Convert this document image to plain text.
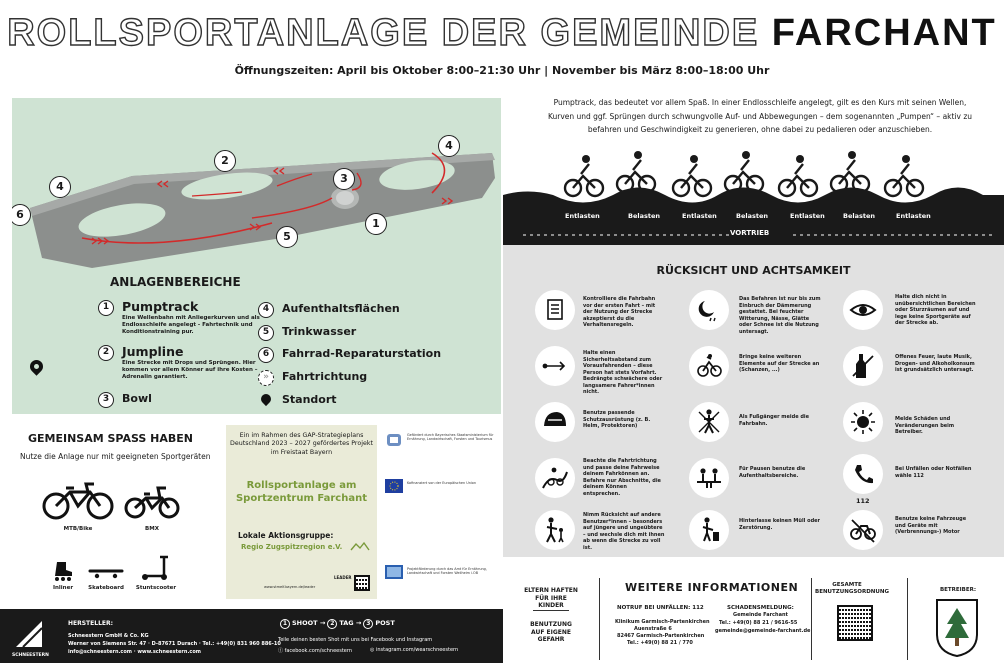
ROLLSPORTANLAGE DER GEMEINDE FARCHANT
Öffnungszeiten: April bis Oktober 8:00–21:30 Uhr | November bis März 8:00–18:00 Uhr
4
2
3
4
1
5
6
ANLAGENBEREICHE
1	Pumptrack
Eine Wellenbahn mit Anliegerkurven und als Endlosschleife angelegt - Fahrtechnik und Konditionstraining pur.
2	Jumpline
Eine Strecke mit Drops und Sprüngen. Hier kommen vor allem Könner auf ihre Kosten – Adrenalin garantiert.
3	Bowl
4	Aufenthaltsflächen
5	Trinkwasser
6	Fahrrad-Reparaturstation
»	Fahrtrichtung
Standort
GEMEINSAM SPASS HABEN
Nutze die Anlage nur mit geeigneten Sportgeräten
MTB/Bike	BMX
Inliner	Skateboard	Stuntscooter
Ein im Rahmen des GAP-Strategieplans Deutschland 2023 – 2027 gefördertes Projekt im Freistaat Bayern
Rollsportanlage am Sportzentrum Farchant
Lokale Aktionsgruppe:
Regio Zugspitzregion e.V.
www.stmelf.bayern.de/leader
LEADER
Gefördert durch Bayerisches Staatsministerium für Ernährung, Landwirtschaft, Forsten und Tourismus
Kofinanziert von der Europäischen Union
Projektförderung durch das Amt für Ernährung, Landwirtschaft und Forsten Weilheim i.OB
SCHNEESTERN
HERSTELLER:
Schneestern GmbH & Co. KG
Werner von Siemens Str. 47 · D-87671 Durach · Tel.: +49(0) 831 960 886-10
info@schneestern.com · www.schneestern.com
1 SHOOT → 2 TAG → 3 POST
Teile deinen besten Shot mit uns bei Facebook und Instagram
ⓕ facebook.com/schneestern	◎ instagram.com/wearschneestern
Pumptrack, das bedeutet vor allem Spaß. In einer Endlosschleife angelegt, gilt es den Kurs mit seinen Wellen, Kurven und ggf. Sprüngen durch schwungvolle Auf- und Abbewegungen – dem sogenannten „Pumpen“ – aktiv zu befahren und Geschwindigkeit zu generieren, ohne dabei zu pedalieren oder anzuschieben.
Entlasten	Belasten	Entlasten	Belasten	Entlasten	Belasten	Entlasten
VORTRIEB
RÜCKSICHT UND ACHTSAMKEIT
Kontrolliere die Fahrbahn vor der ersten Fahrt – mit der Nutzung der Strecke akzeptierst du die Verhaltensregeln.
Das Befahren ist nur bis zum Einbruch der Dämmerung gestattet. Bei feuchter Witterung, Nässe, Glätte oder Schnee ist die Nutzung untersagt.
Halte dich nicht in unübersichtlichen Bereichen oder Sturzräumen auf und lege keine Sportgeräte auf der Strecke ab.
Halte einen Sicherheitsabstand zum Vorausfahrenden – diese Person hat stets Vorfahrt. Bedrängte schwächere oder langsamere Fahrer*innen nicht.
Bringe keine weiteren Elemente auf der Strecke an (Schanzen, ...)
Offenes Feuer, laute Musik, Drogen- und Alkoholkonsum ist grundsätzlich untersagt.
Benutze passende Schutzausrüstung (z. B. Helm, Protektoren)
Als Fußgänger meide die Fahrbahn.
Melde Schäden und Veränderungen beim Betreiber.
Beachte die Fahrtrichtung und passe deine Fahrweise deinem Fahrkönnen an. Befahre nur Abschnitte, die deinem Können entsprechen.
Für Pausen benutze die Aufenthaltsbereiche.
112
Bei Unfällen oder Notfällen wähle 112
Nimm Rücksicht auf andere Benutzer*innen – besonders auf jüngere und ungeübtere – und wechsle dich mit ihnen ab wenn die Strecke zu voll ist.
Hinterlasse keinen Müll oder Zerstörung.
Benutze keine Fahrzeuge und Geräte mit (Verbrennungs-) Motor
ELTERN HAFTEN FÜR IHRE KINDER
BENUTZUNG AUF EIGENE GEFAHR
WEITERE INFORMATIONEN
NOTRUF BEI UNFÄLLEN: 112
Klinikum Garmisch-Partenkirchen
Auenstraße 6
82467 Garmisch-Partenkirchen
Tel.: +49(0) 88 21 / 770
SCHADENSMELDUNG:
Gemeinde Farchant
Tel.: +49(0) 88 21 / 9616-55
gemeinde@gemeinde-farchant.de
GESAMTE BENUTZUNGSORDNUNG	BETREIBER:
